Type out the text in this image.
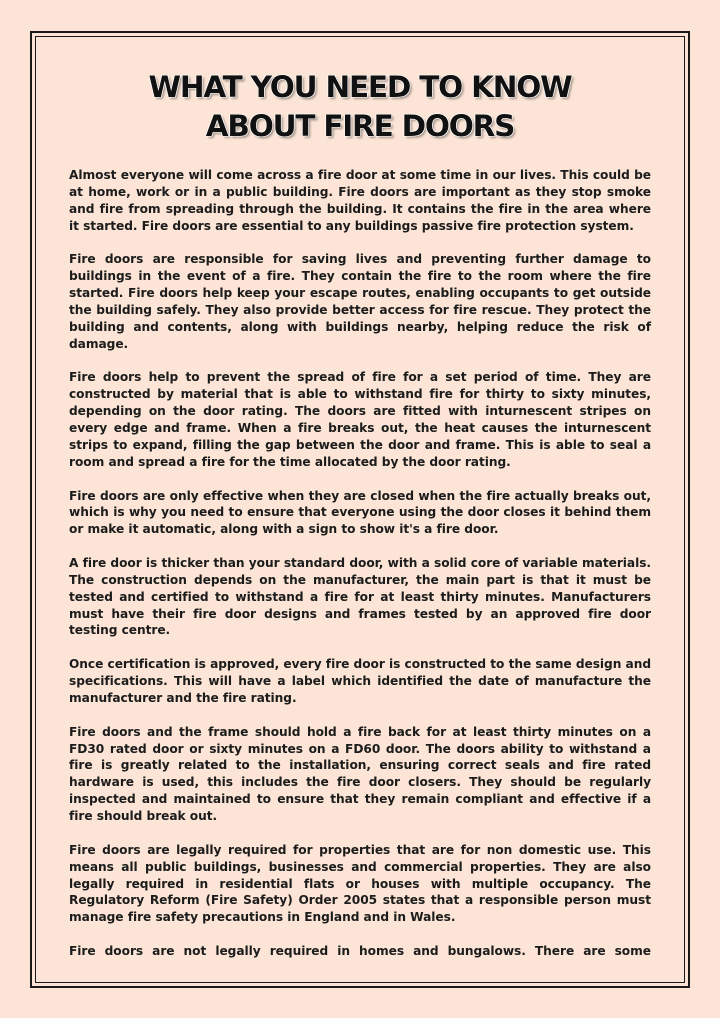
WHAT YOU NEED TO KNOW
ABOUT FIRE DOORS

Almost everyone will come across a fire door at some time in our lives. This could be at home, work or in a public building. Fire doors are important as they stop smoke and fire from spreading through the building. It contains the fire in the area where it started. Fire doors are essential to any buildings passive fire protection system.

Fire doors are responsible for saving lives and preventing further damage to buildings in the event of a fire. They contain the fire to the room where the fire started. Fire doors help keep your escape routes, enabling occupants to get outside the building safely. They also provide better access for fire rescue. They protect the building and contents, along with buildings nearby, helping reduce the risk of damage.

Fire doors help to prevent the spread of fire for a set period of time. They are constructed by material that is able to withstand fire for thirty to sixty minutes, depending on the door rating. The doors are fitted with inturnescent stripes on every edge and frame. When a fire breaks out, the heat causes the inturnescent strips to expand, filling the gap between the door and frame. This is able to seal a room and spread a fire for the time allocated by the door rating.

Fire doors are only effective when they are closed when the fire actually breaks out, which is why you need to ensure that everyone using the door closes it behind them or make it automatic, along with a sign to show it's a fire door.

A fire door is thicker than your standard door, with a solid core of variable materials. The construction depends on the manufacturer, the main part is that it must be tested and certified to withstand a fire for at least thirty minutes. Manufacturers must have their fire door designs and frames tested by an approved fire door testing centre.

Once certification is approved, every fire door is constructed to the same design and specifications. This will have a label which identified the date of manufacture the manufacturer and the fire rating.

Fire doors and the frame should hold a fire back for at least thirty minutes on a FD30 rated door or sixty minutes on a FD60 door. The doors ability to withstand a fire is greatly related to the installation, ensuring correct seals and fire rated hardware is used, this includes the fire door closers. They should be regularly inspected and maintained to ensure that they remain compliant and effective if a fire should break out.

Fire doors are legally required for properties that are for non domestic use. This means all public buildings, businesses and commercial properties. They are also legally required in residential flats or houses with multiple occupancy. The Regulatory Reform (Fire Safety) Order 2005 states that a responsible person must manage fire safety precautions in England and in Wales.

Fire doors are not legally required in homes and bungalows. There are some
